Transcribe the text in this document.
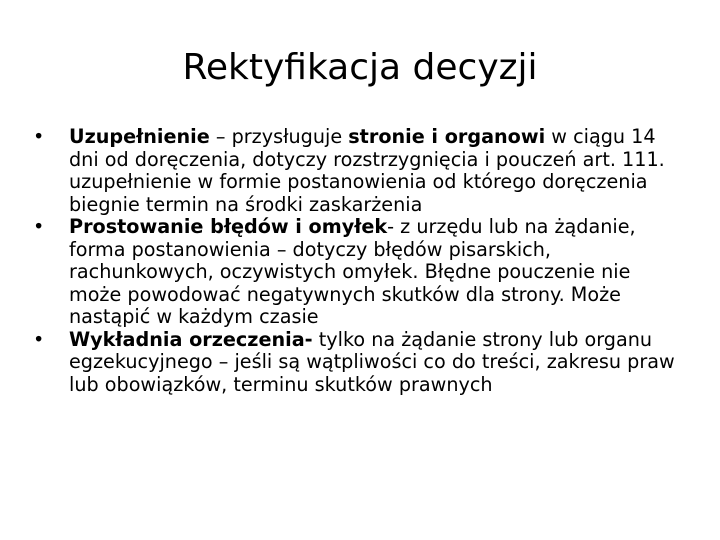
Rektyfikacja decyzji
•	Uzupełnienie – przysługuje stronie i organowi w ciągu 14 dni od doręczenia, dotyczy rozstrzygnięcia i pouczeń art. 111. uzupełnienie w formie postanowienia od którego doręczenia biegnie termin na środki zaskarżenia
•	Prostowanie błędów i omyłek- z urzędu lub na żądanie, forma postanowienia – dotyczy błędów pisarskich, rachunkowych, oczywistych omyłek. Błędne pouczenie nie może powodować negatywnych skutków dla strony. Może nastąpić w każdym czasie
•	Wykładnia orzeczenia- tylko na żądanie strony lub organu egzekucyjnego – jeśli są wątpliwości co do treści, zakresu praw lub obowiązków, terminu skutków prawnych
